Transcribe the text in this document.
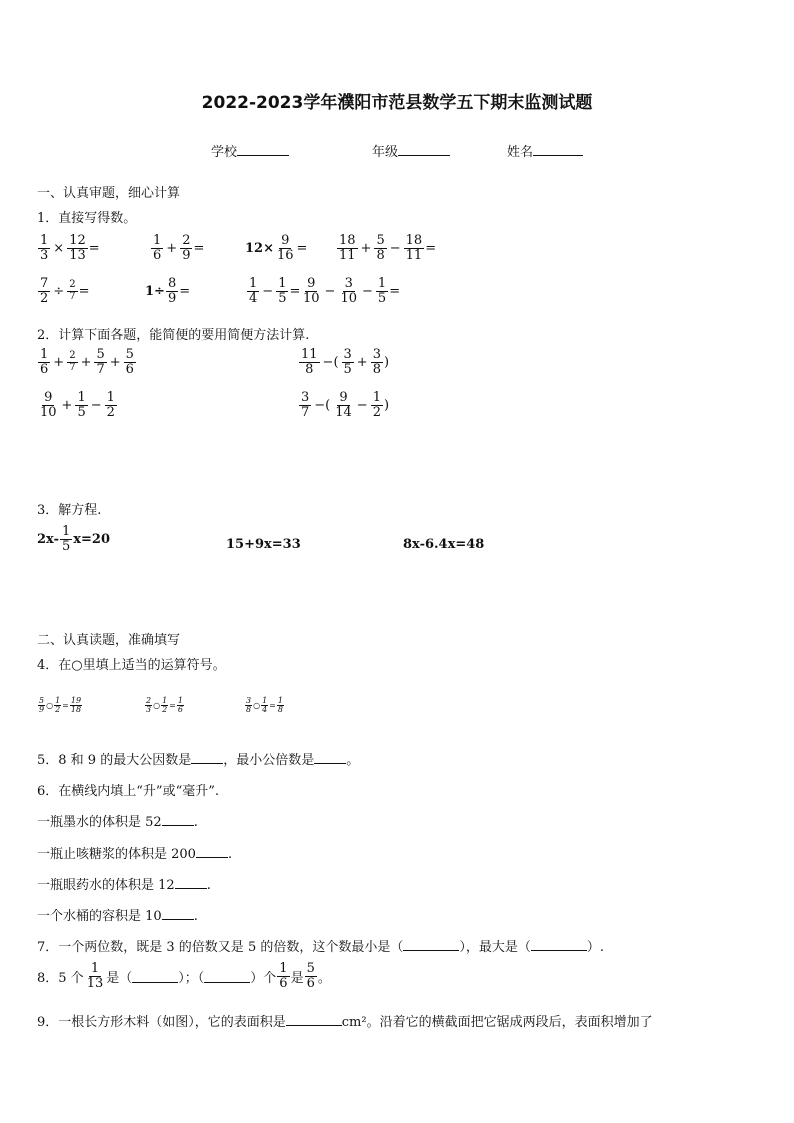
2022-2023学年濮阳市范县数学五下期末监测试题
学校	年级	姓名
一、认真审题，细心计算
1．直接写得数。
$\frac{1}{3} \times \frac{12}{13}$ =	$\frac{1}{6} + \frac{2}{9}$ =	$12\times \frac{9}{16} = \frac{18}{11} + \frac{5}{8} - \frac{18}{11}$ =
$\frac{7}{2} \div \frac{2}{7}$ =	$1\div \frac{8}{9}$ =	$\frac{1}{4} - \frac{1}{5} = \frac{9}{10} - \frac{3}{10} - \frac{1}{5}$ =
2．计算下面各题，能简便的要用简便方法计算.
$\frac{1}{6} + \frac{2}{7} + \frac{5}{7} + \frac{5}{6}$	$\frac{11}{8}$ −( $\frac{3}{5} + \frac{3}{8}$ )
$\frac{9}{10} + \frac{1}{5} - \frac{1}{2}$	$\frac{3}{7}$ −( $\frac{9}{14} - \frac{1}{2}$ )
3．解方程.
$2x- \frac{1}{5} x=20$	15+9x=33	8x-6.4x=48
二、认真读题，准确填写
4．在○里填上适当的运算符号。
$\frac{5}{9}$ ○ $\frac{1}{2} = \frac{19}{18}$	$\frac{2}{3}$ ○ $\frac{1}{2} = \frac{1}{6}$	$\frac{3}{8}$ ○ $\frac{1}{4} = \frac{1}{8}$
5．8 和 9 的最大公因数是 ，最小公倍数是 。
6．在横线内填上“升”或“毫升”.
一瓶墨水的体积是 52 .
一瓶止咳糖浆的体积是 200 .
一瓶眼药水的体积是 12 .
一个水桶的容积是 10 .
7．一个两位数，既是 3 的倍数又是 5 的倍数，这个数最小是（	），最大是（	）.
8．5 个 $\frac{1}{13}$ 是（	）；（	）个 $\frac{1}{6}$ 是 $\frac{5}{6}$ 。
9．一根长方形木料（如图），它的表面积是	cm²。沿着它的横截面把它锯成两段后，表面积增加了
